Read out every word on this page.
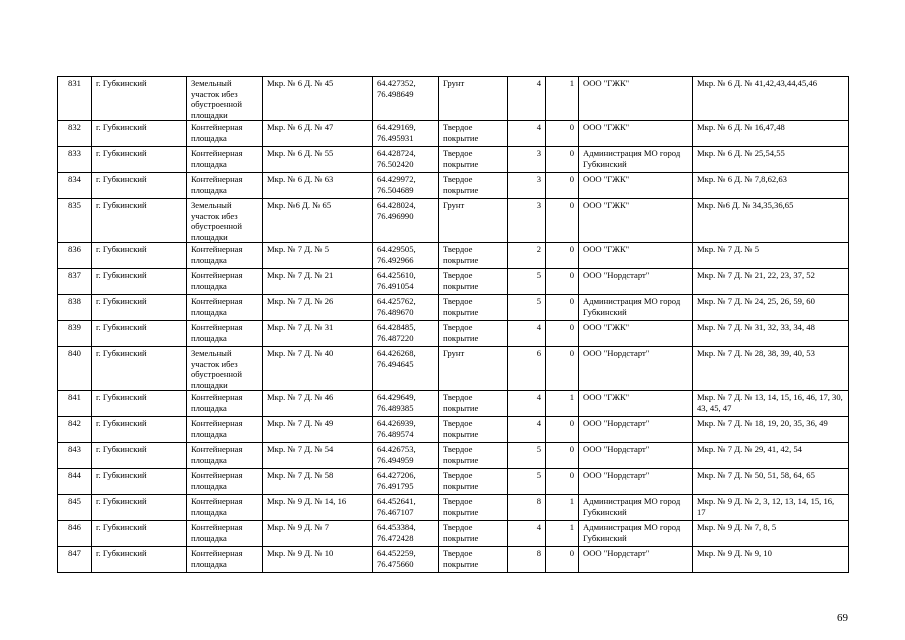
831	г. Губкинский	Земельный участок ибез обустроенной площадки	Мкр. № 6 Д. № 45	64.427352, 76.498649	Грунт	4	1	ООО "ГЖК"	Мкр. № 6 Д. № 41,42,43,44,45,46
832	г. Губкинский	Контейнерная площадка	Мкр. № 6 Д. № 47	64.429169, 76.495931	Твердое покрытие	4	0	ООО "ГЖК"	Мкр. № 6 Д. № 16,47,48
833	г. Губкинский	Контейнерная площадка	Мкр. № 6 Д. № 55	64.428724, 76.502420	Твердое покрытие	3	0	Администрация МО город Губкинский	Мкр. № 6 Д. № 25,54,55
834	г. Губкинский	Контейнерная площадка	Мкр. № 6 Д. № 63	64.429972, 76.504689	Твердое покрытие	3	0	ООО "ГЖК"	Мкр. № 6 Д. № 7,8,62,63
835	г. Губкинский	Земельный участок ибез обустроенной площадки	Мкр. №6 Д. № 65	64.428024, 76.496990	Грунт	3	0	ООО "ГЖК"	Мкр. №6 Д. № 34,35,36,65
836	г. Губкинский	Контейнерная площадка	Мкр. № 7 Д. № 5	64.429505, 76.492966	Твердое покрытие	2	0	ООО "ГЖК"	Мкр. № 7 Д. № 5
837	г. Губкинский	Контейнерная площадка	Мкр. № 7 Д. № 21	64.425610, 76.491054	Твердое покрытие	5	0	ООО "Нордстарт"	Мкр. № 7 Д. № 21, 22, 23, 37, 52
838	г. Губкинский	Контейнерная площадка	Мкр. № 7 Д. № 26	64.425762, 76.489670	Твердое покрытие	5	0	Администрация МО город Губкинский	Мкр. № 7 Д. № 24, 25, 26, 59, 60
839	г. Губкинский	Контейнерная площадка	Мкр. № 7 Д. № 31	64.428485, 76.487220	Твердое покрытие	4	0	ООО "ГЖК"	Мкр. № 7 Д. № 31, 32, 33, 34, 48
840	г. Губкинский	Земельный участок ибез обустроенной площадки	Мкр. № 7 Д. № 40	64.426268, 76.494645	Грунт	6	0	ООО "Нордстарт"	Мкр. № 7 Д. № 28, 38, 39, 40, 53
841	г. Губкинский	Контейнерная площадка	Мкр. № 7 Д. № 46	64.429649, 76.489385	Твердое покрытие	4	1	ООО "ГЖК"	Мкр. № 7 Д. № 13, 14, 15, 16, 46, 17, 30, 43, 45, 47
842	г. Губкинский	Контейнерная площадка	Мкр. № 7 Д. № 49	64.426939, 76.489574	Твердое покрытие	4	0	ООО "Нордстарт"	Мкр. № 7 Д. № 18, 19, 20, 35, 36, 49
843	г. Губкинский	Контейнерная площадка	Мкр. № 7 Д. № 54	64.426753, 76.494959	Твердое покрытие	5	0	ООО "Нордстарт"	Мкр. № 7 Д. № 29, 41, 42, 54
844	г. Губкинский	Контейнерная площадка	Мкр. № 7 Д. № 58	64.427206, 76.491795	Твердое покрытие	5	0	ООО "Нордстарт"	Мкр. № 7 Д. № 50, 51, 58, 64, 65
845	г. Губкинский	Контейнерная площадка	Мкр. № 9 Д. № 14, 16	64.452641, 76.467107	Твердое покрытие	8	1	Администрация МО город Губкинский	Мкр. № 9 Д. № 2, 3, 12, 13, 14, 15, 16, 17
846	г. Губкинский	Контейнерная площадка	Мкр. № 9 Д. № 7	64.453384, 76.472428	Твердое покрытие	4	1	Администрация МО город Губкинский	Мкр. № 9 Д. № 7, 8, 5
847	г. Губкинский	Контейнерная площадка	Мкр. № 9 Д. № 10	64.452259, 76.475660	Твердое покрытие	8	0	ООО "Нордстарт"	Мкр. № 9 Д. № 9, 10
69
